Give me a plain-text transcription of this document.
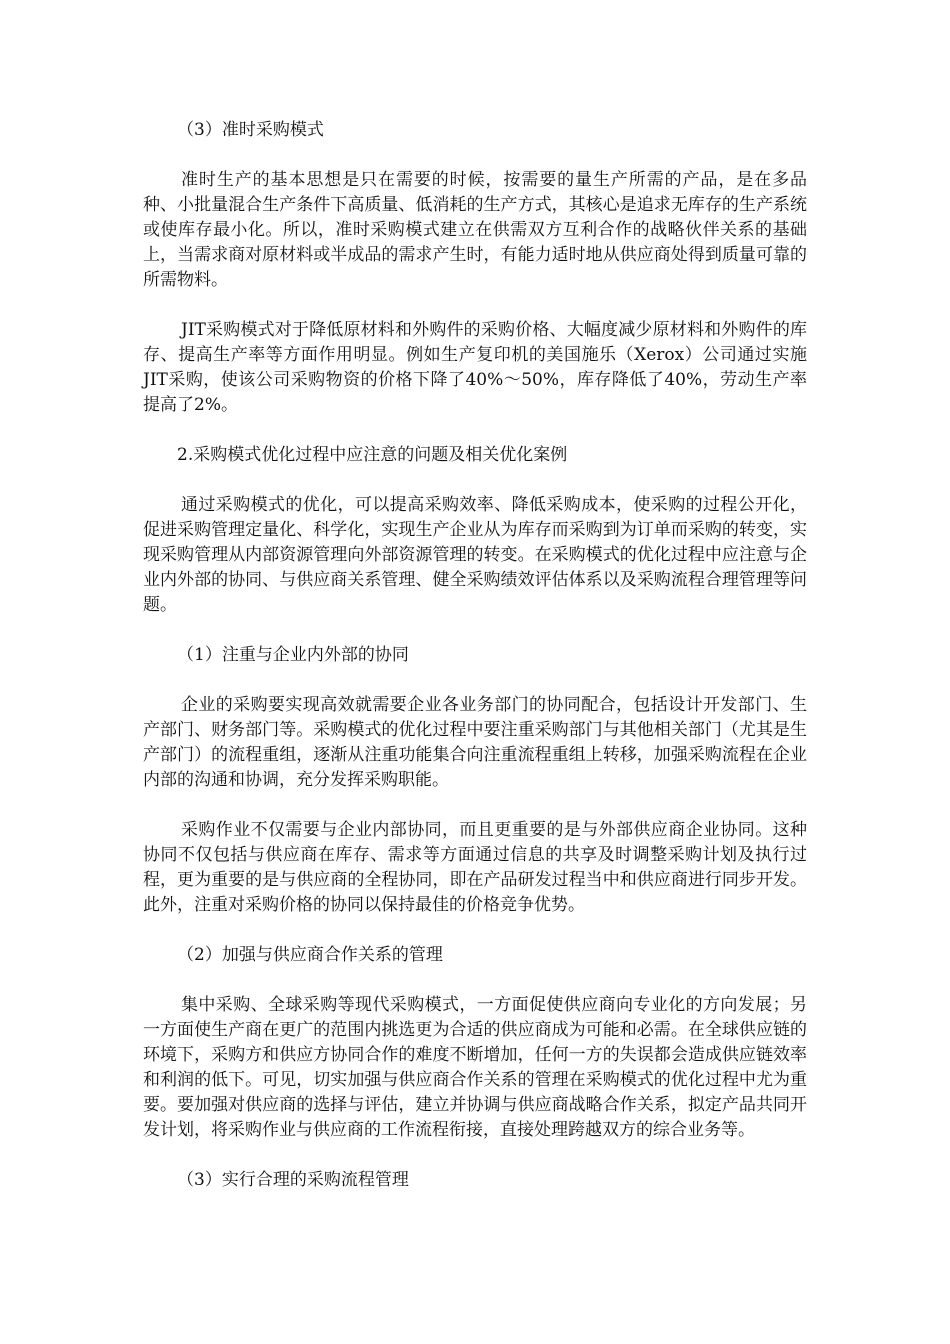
（3）准时采购模式

准时生产的基本思想是只在需要的时候，按需要的量生产所需的产品，是在多品种、小批量混合生产条件下高质量、低消耗的生产方式，其核心是追求无库存的生产系统或使库存最小化。所以，准时采购模式建立在供需双方互利合作的战略伙伴关系的基础上，当需求商对原材料或半成品的需求产生时，有能力适时地从供应商处得到质量可靠的所需物料。

JIT采购模式对于降低原材料和外购件的采购价格、大幅度减少原材料和外购件的库存、提高生产率等方面作用明显。例如生产复印机的美国施乐（Xerox）公司通过实施JIT采购，使该公司采购物资的价格下降了40%～50%，库存降低了40%，劳动生产率提高了2%。

2.采购模式优化过程中应注意的问题及相关优化案例

通过采购模式的优化，可以提高采购效率、降低采购成本，使采购的过程公开化，促进采购管理定量化、科学化，实现生产企业从为库存而采购到为订单而采购的转变，实现采购管理从内部资源管理向外部资源管理的转变。在采购模式的优化过程中应注意与企业内外部的协同、与供应商关系管理、健全采购绩效评估体系以及采购流程合理管理等问题。

（1）注重与企业内外部的协同

企业的采购要实现高效就需要企业各业务部门的协同配合，包括设计开发部门、生产部门、财务部门等。采购模式的优化过程中要注重采购部门与其他相关部门（尤其是生产部门）的流程重组，逐渐从注重功能集合向注重流程重组上转移，加强采购流程在企业内部的沟通和协调，充分发挥采购职能。

采购作业不仅需要与企业内部协同，而且更重要的是与外部供应商企业协同。这种协同不仅包括与供应商在库存、需求等方面通过信息的共享及时调整采购计划及执行过程，更为重要的是与供应商的全程协同，即在产品研发过程当中和供应商进行同步开发。此外，注重对采购价格的协同以保持最佳的价格竞争优势。

（2）加强与供应商合作关系的管理

集中采购、全球采购等现代采购模式，一方面促使供应商向专业化的方向发展；另一方面使生产商在更广的范围内挑选更为合适的供应商成为可能和必需。在全球供应链的环境下，采购方和供应方协同合作的难度不断增加，任何一方的失误都会造成供应链效率和利润的低下。可见，切实加强与供应商合作关系的管理在采购模式的优化过程中尤为重要。要加强对供应商的选择与评估，建立并协调与供应商战略合作关系，拟定产品共同开发计划，将采购作业与供应商的工作流程衔接，直接处理跨越双方的综合业务等。

（3）实行合理的采购流程管理
